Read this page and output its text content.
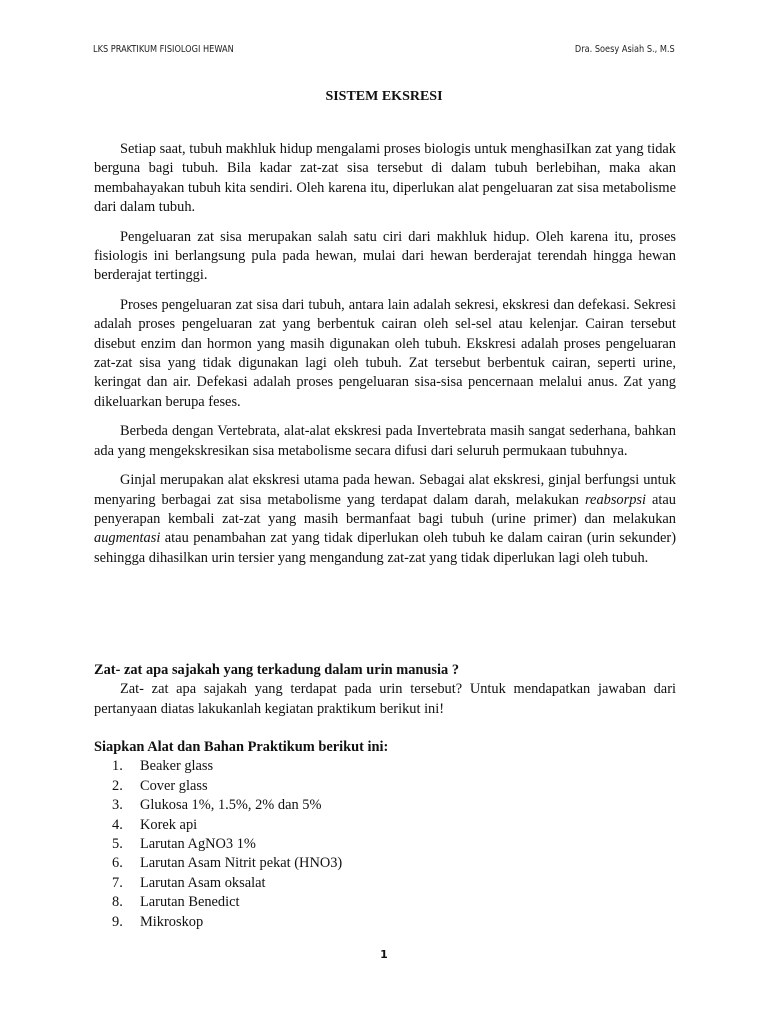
LKS PRAKTIKUM FISIOLOGI HEWAN	Dra. Soesy Asiah S., M.S
SISTEM EKSRESI

Setiap saat, tubuh makhluk hidup mengalami proses biologis untuk menghasiIkan zat yang tidak berguna bagi tubuh. Bila kadar zat-zat sisa tersebut di dalam tubuh berlebihan, maka akan membahayakan tubuh kita sendiri. Oleh karena itu, diperlukan alat pengeluaran zat sisa metabolisme dari dalam tubuh.

Pengeluaran zat sisa merupakan salah satu ciri dari makhluk hidup. Oleh karena itu, proses fisiologis ini berlangsung pula pada hewan, mulai dari hewan berderajat terendah hingga hewan berderajat tertinggi.

Proses pengeluaran zat sisa dari tubuh, antara lain adalah sekresi, ekskresi dan defekasi. Sekresi adalah proses pengeluaran zat yang berbentuk cairan oleh sel-sel atau kelenjar. Cairan tersebut disebut enzim dan hormon yang masih digunakan oleh tubuh. Ekskresi adalah proses pengeluaran zat-zat sisa yang tidak digunakan lagi oleh tubuh. Zat tersebut berbentuk cairan, seperti urine, keringat dan air. Defekasi adalah proses pengeluaran sisa-sisa pencernaan melalui anus. Zat yang dikeluarkan berupa feses.

Berbeda dengan Vertebrata, alat-alat ekskresi pada Invertebrata masih sangat sederhana, bahkan ada yang mengekskresikan sisa metabolisme secara difusi dari seluruh permukaan tubuhnya.

Ginjal merupakan alat ekskresi utama pada hewan. Sebagai alat ekskresi, ginjal berfungsi untuk menyaring berbagai zat sisa metabolisme yang terdapat dalam darah, melakukan reabsorpsi atau penyerapan kembali zat-zat yang masih bermanfaat bagi tubuh (urine primer) dan melakukan augmentasi atau penambahan zat yang tidak diperlukan oleh tubuh ke dalam cairan (urin sekunder) sehingga dihasilkan urin tersier yang mengandung zat-zat yang tidak diperlukan lagi oleh tubuh.

Zat- zat apa sajakah yang terkadung dalam urin manusia ?

Zat- zat apa sajakah yang terdapat pada urin tersebut? Untuk mendapatkan jawaban dari pertanyaan diatas lakukanlah kegiatan praktikum berikut ini!

Siapkan Alat dan Bahan Praktikum berikut ini:

1.	Beaker glass
2.	Cover glass
3.	Glukosa 1%, 1.5%, 2% dan 5%
4.	Korek api
5.	Larutan AgNO3 1%
6.	Larutan Asam Nitrit pekat (HNO3)
7.	Larutan Asam oksalat
8.	Larutan Benedict
9.	Mikroskop
1
